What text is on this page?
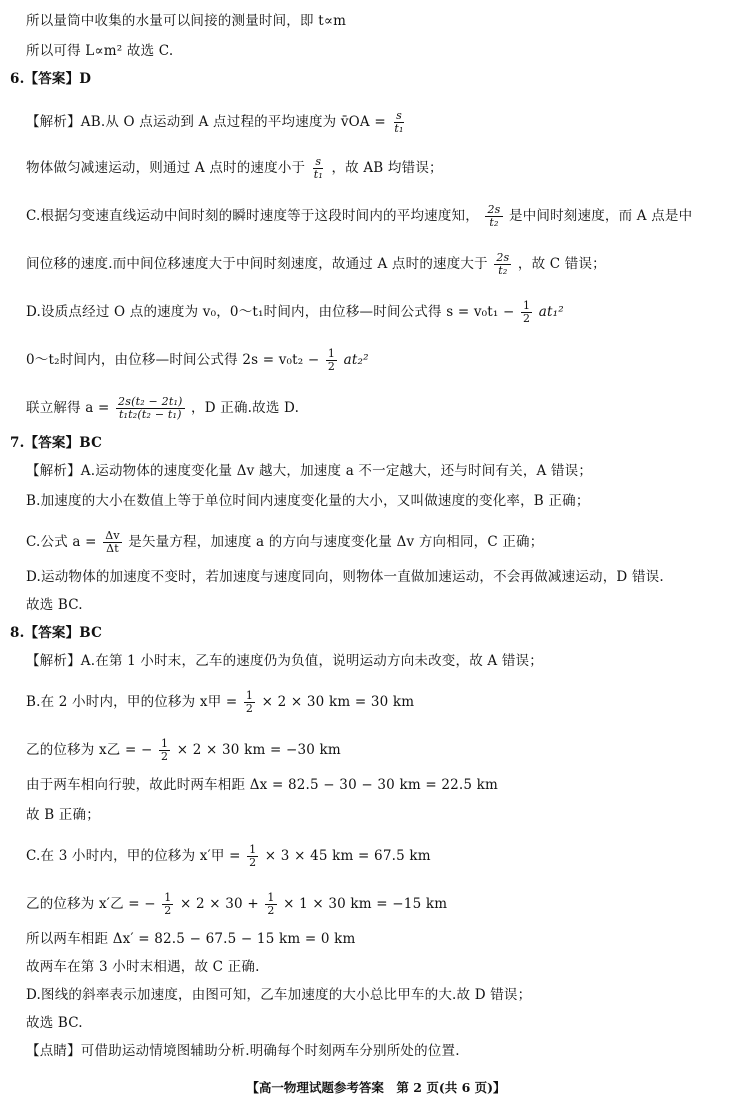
所以量筒中收集的水量可以间接的测量时间，即 t∝m
所以可得 L∝m² 故选 C.
6.【答案】D
【解析】AB.从 O 点运动到 A 点过程的平均速度为 v̄OA = $\frac{s}{\text{t₁}}$
物体做匀减速运动，则通过 A 点时的速度小于 $\frac{s}{\text{t₁}}$ ，故 AB 均错误；
C.根据匀变速直线运动中间时刻的瞬时速度等于这段时间内的平均速度知， $\frac{2s}{\text{t₂}}$ 是中间时刻速度，而 A 点是中
间位移的速度.而中间位移速度大于中间时刻速度，故通过 A 点时的速度大于 $\frac{2s}{\text{t₂}}$ ，故 C 错误；
D.设质点经过 O 点的速度为 v₀，0～t₁时间内，由位移—时间公式得 $s = v_0t_1 - \frac{1}{2} at_1^2$
0～t₂时间内，由位移—时间公式得 $2s = v_0t_2 - \frac{1}{2} at_2^2$
联立解得 $a = \frac{\text{2s(t₂ − 2t₁)}}{\text{t₁t₂(t₂ − t₁)}}$ ，D 正确.故选 D.
7.【答案】BC
【解析】A.运动物体的速度变化量 Δv 越大，加速度 a 不一定越大，还与时间有关，A 错误；
B.加速度的大小在数值上等于单位时间内速度变化量的大小，又叫做速度的变化率，B 正确；
C.公式 $a = \frac{\Delta v}{\Delta t}$ 是矢量方程，加速度 a 的方向与速度变化量 Δv 方向相同，C 正确；
D.运动物体的加速度不变时，若加速度与速度同向，则物体一直做加速运动，不会再做减速运动，D 错误.
故选 BC.
8.【答案】BC
【解析】A.在第 1 小时末，乙车的速度仍为负值，说明运动方向未改变，故 A 错误；
B.在 2 小时内，甲的位移为 x甲 = $\frac{1}{2} \times 2 \times 30$ km = 30 km
乙的位移为 x乙 = − $\frac{1}{2} \times 2 \times 30$ km = −30 km
由于两车相向行驶，故此时两车相距 Δx = 82.5 − 30 − 30 km = 22.5 km
故 B 正确；
C.在 3 小时内，甲的位移为 x′甲 = $\frac{1}{2} \times 3 \times 45$ km = 67.5 km
乙的位移为 x′乙 = − $\frac{1}{2} \times 2 \times 30 + \frac{1}{2} \times 1 \times 30$ km = −15 km
所以两车相距 Δx′ = 82.5 − 67.5 − 15 km = 0 km
故两车在第 3 小时末相遇，故 C 正确.
D.图线的斜率表示加速度，由图可知，乙车加速度的大小总比甲车的大.故 D 错误；
故选 BC.
【点睛】可借助运动情境图辅助分析.明确每个时刻两车分别所处的位置.
【高一物理试题参考答案　第 2 页(共 6 页)】
